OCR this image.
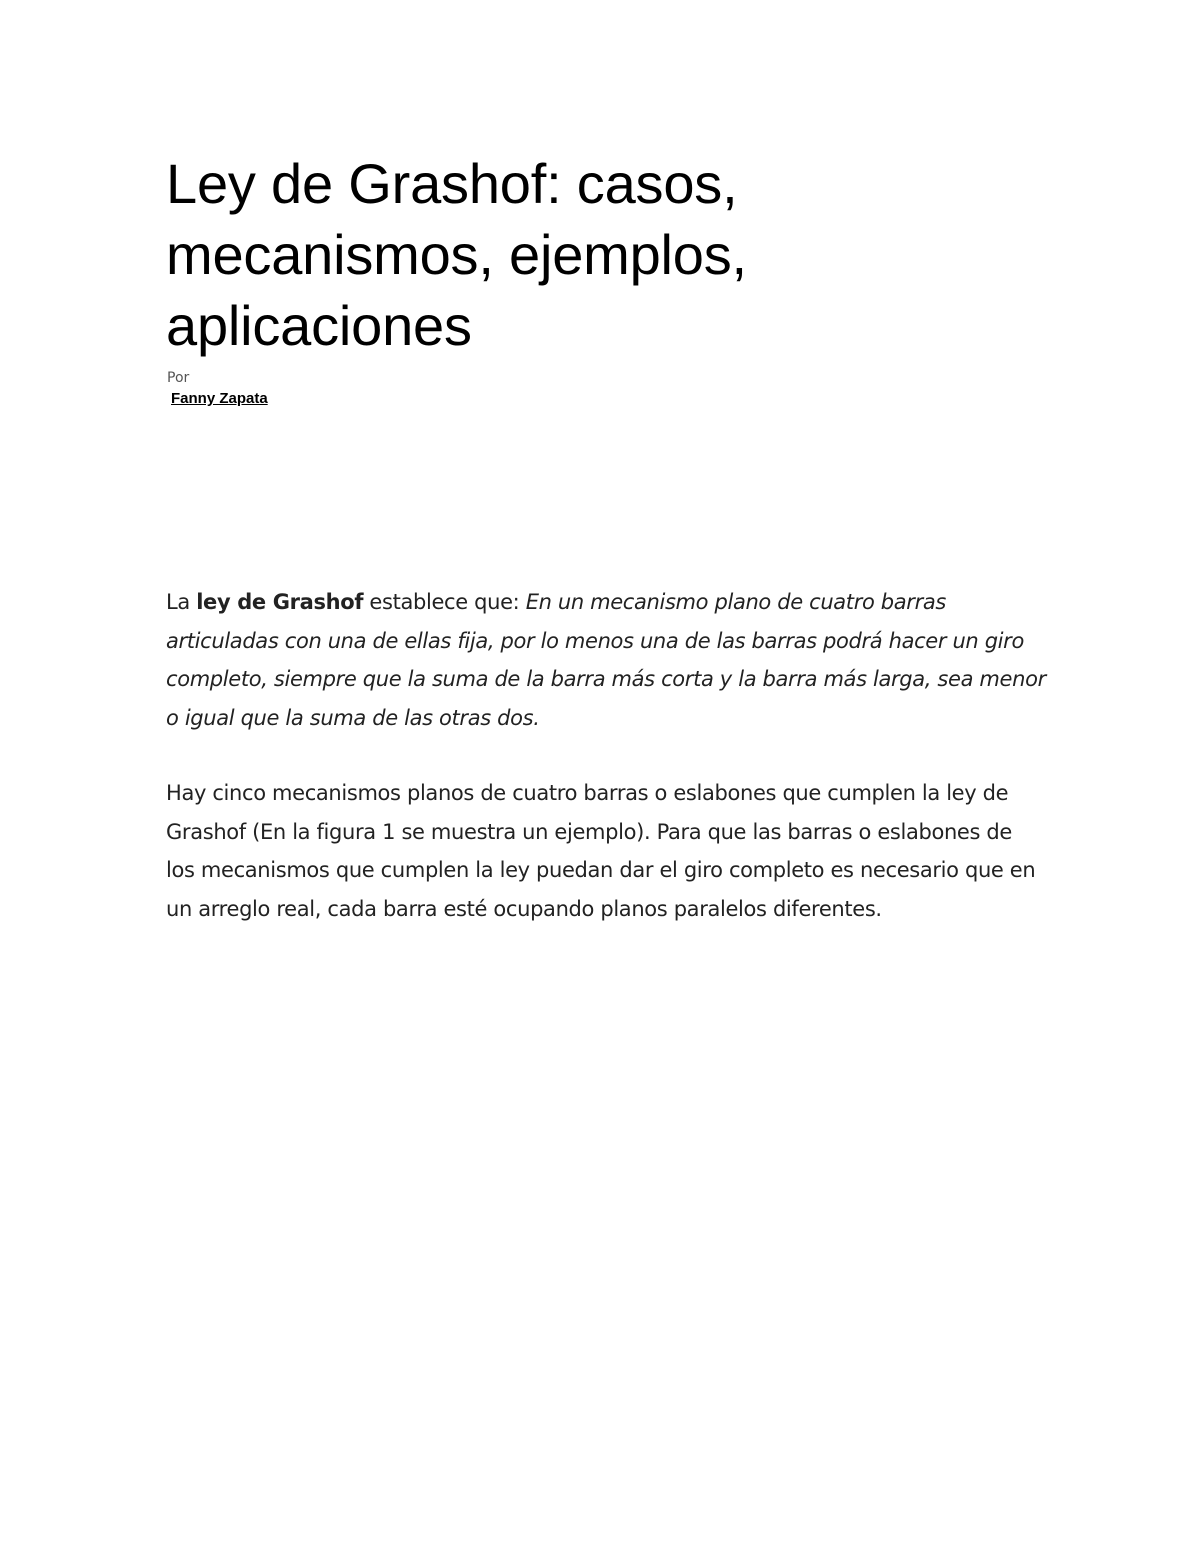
Ley de Grashof: casos, mecanismos, ejemplos, aplicaciones
Por
Fanny Zapata

La ley de Grashof establece que: En un mecanismo plano de cuatro barras articuladas con una de ellas fija, por lo menos una de las barras podrá hacer un giro completo, siempre que la suma de la barra más corta y la barra más larga, sea menor o igual que la suma de las otras dos.

Hay cinco mecanismos planos de cuatro barras o eslabones que cumplen la ley de Grashof (En la figura 1 se muestra un ejemplo). Para que las barras o eslabones de los mecanismos que cumplen la ley puedan dar el giro completo es necesario que en un arreglo real, cada barra esté ocupando planos paralelos diferentes.
